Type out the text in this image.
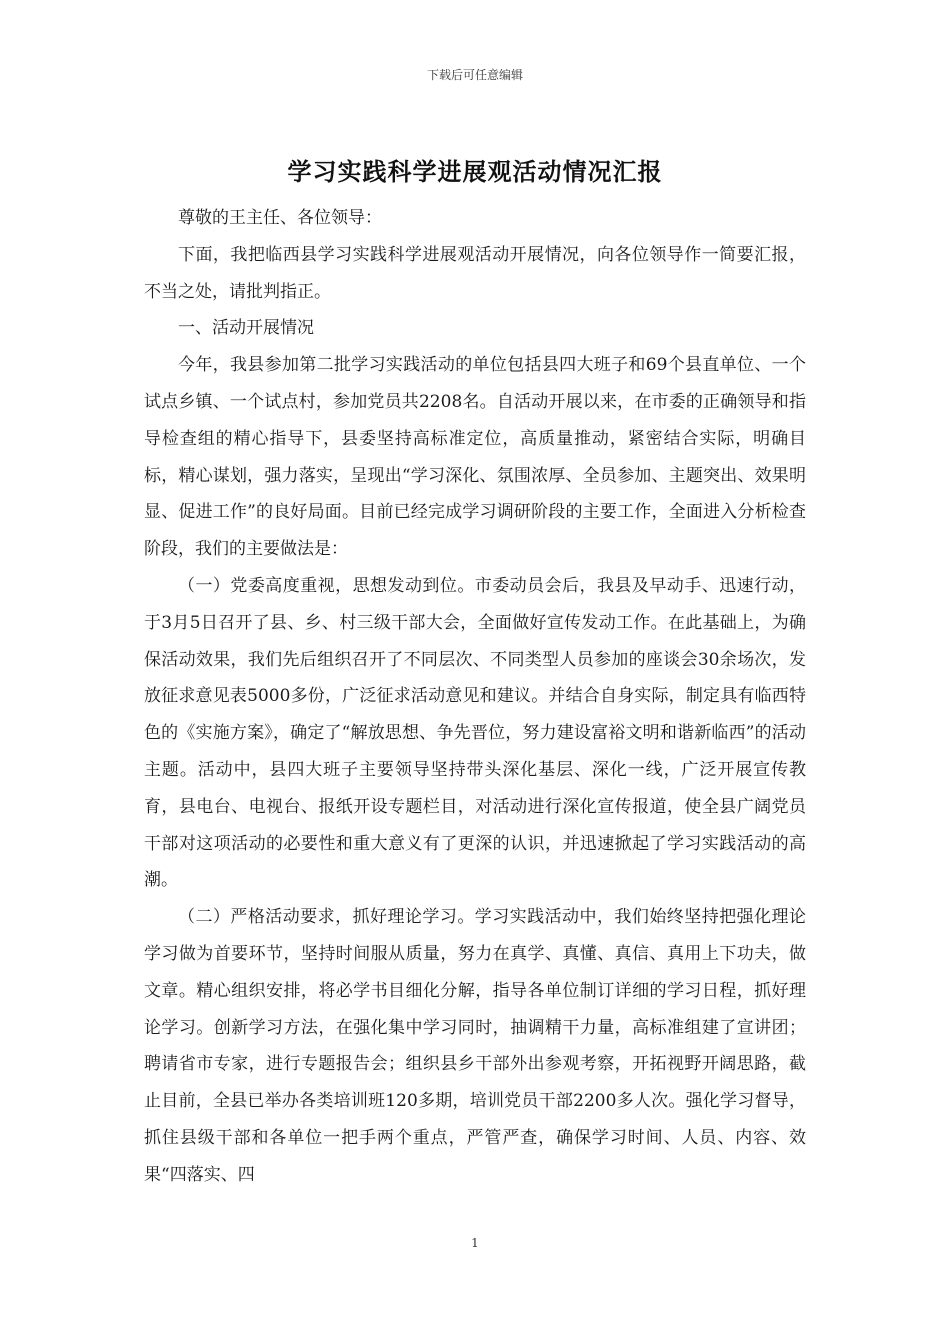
下载后可任意编辑
学习实践科学进展观活动情况汇报

尊敬的王主任、各位领导：

下面，我把临西县学习实践科学进展观活动开展情况，向各位领导作一简要汇报，不当之处，请批判指正。

一、活动开展情况

今年，我县参加第二批学习实践活动的单位包括县四大班子和69个县直单位、一个试点乡镇、一个试点村，参加党员共2208名。自活动开展以来，在市委的正确领导和指导检查组的精心指导下，县委坚持高标准定位，高质量推动，紧密结合实际，明确目标，精心谋划，强力落实，呈现出“学习深化、氛围浓厚、全员参加、主题突出、效果明显、促进工作”的良好局面。目前已经完成学习调研阶段的主要工作，全面进入分析检查阶段，我们的主要做法是：

（一）党委高度重视，思想发动到位。市委动员会后，我县及早动手、迅速行动，于3月5日召开了县、乡、村三级干部大会，全面做好宣传发动工作。在此基础上，为确保活动效果，我们先后组织召开了不同层次、不同类型人员参加的座谈会30余场次，发放征求意见表5000多份，广泛征求活动意见和建议。并结合自身实际，制定具有临西特色的《实施方案》，确定了“解放思想、争先晋位，努力建设富裕文明和谐新临西”的活动主题。活动中，县四大班子主要领导坚持带头深化基层、深化一线，广泛开展宣传教育，县电台、电视台、报纸开设专题栏目，对活动进行深化宣传报道，使全县广阔党员干部对这项活动的必要性和重大意义有了更深的认识，并迅速掀起了学习实践活动的高潮。

（二）严格活动要求，抓好理论学习。学习实践活动中，我们始终坚持把强化理论学习做为首要环节，坚持时间服从质量，努力在真学、真懂、真信、真用上下功夫，做文章。精心组织安排，将必学书目细化分解，指导各单位制订详细的学习日程，抓好理论学习。创新学习方法，在强化集中学习同时，抽调精干力量，高标准组建了宣讲团；聘请省市专家，进行专题报告会；组织县乡干部外出参观考察，开拓视野开阔思路，截止目前，全县已举办各类培训班120多期，培训党员干部2200多人次。强化学习督导，抓住县级干部和各单位一把手两个重点，严管严查，确保学习时间、人员、内容、效果“四落实、四

1
